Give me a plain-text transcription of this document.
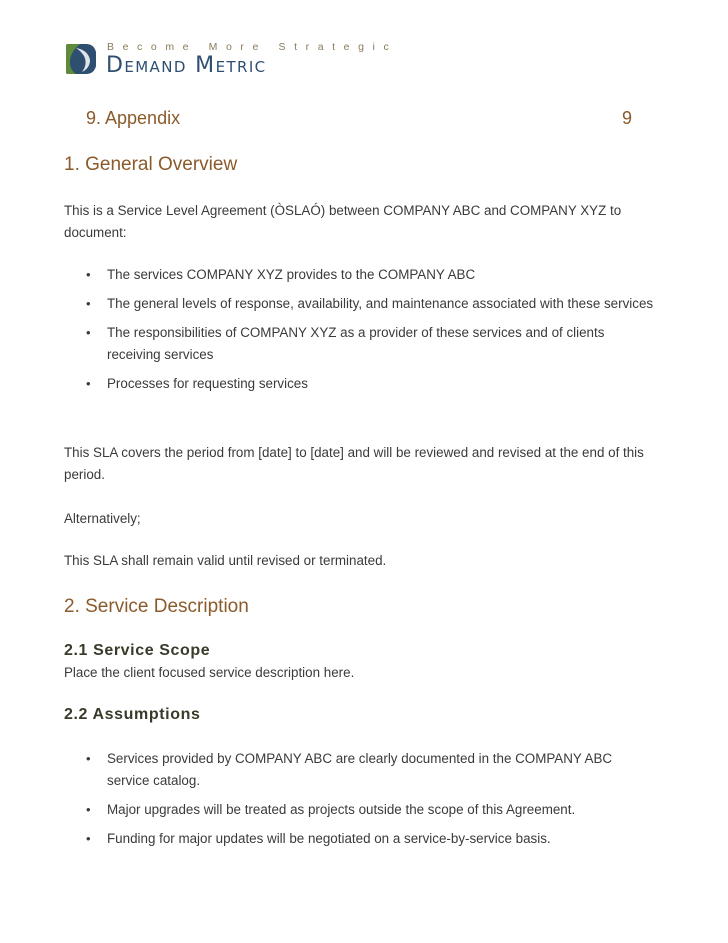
Become More Strategic
Demand Metric
9. Appendix	9
1. General Overview

This is a Service Level Agreement (ÒSLAÓ) between COMPANY ABC and COMPANY XYZ to document:

• The services COMPANY XYZ provides to the COMPANY ABC
• The general levels of response, availability, and maintenance associated with these services
• The responsibilities of COMPANY XYZ as a provider of these services and of clients receiving services
• Processes for requesting services

This SLA covers the period from [date] to [date] and will be reviewed and revised at the end of this period.

Alternatively;

This SLA shall remain valid until revised or terminated.

2. Service Description
2.1 Service Scope

Place the client focused service description here.

2.2 Assumptions
• Services provided by COMPANY ABC are clearly documented in the COMPANY ABC service catalog.
• Major upgrades will be treated as projects outside the scope of this Agreement.
• Funding for major updates will be negotiated on a service-by-service basis.
